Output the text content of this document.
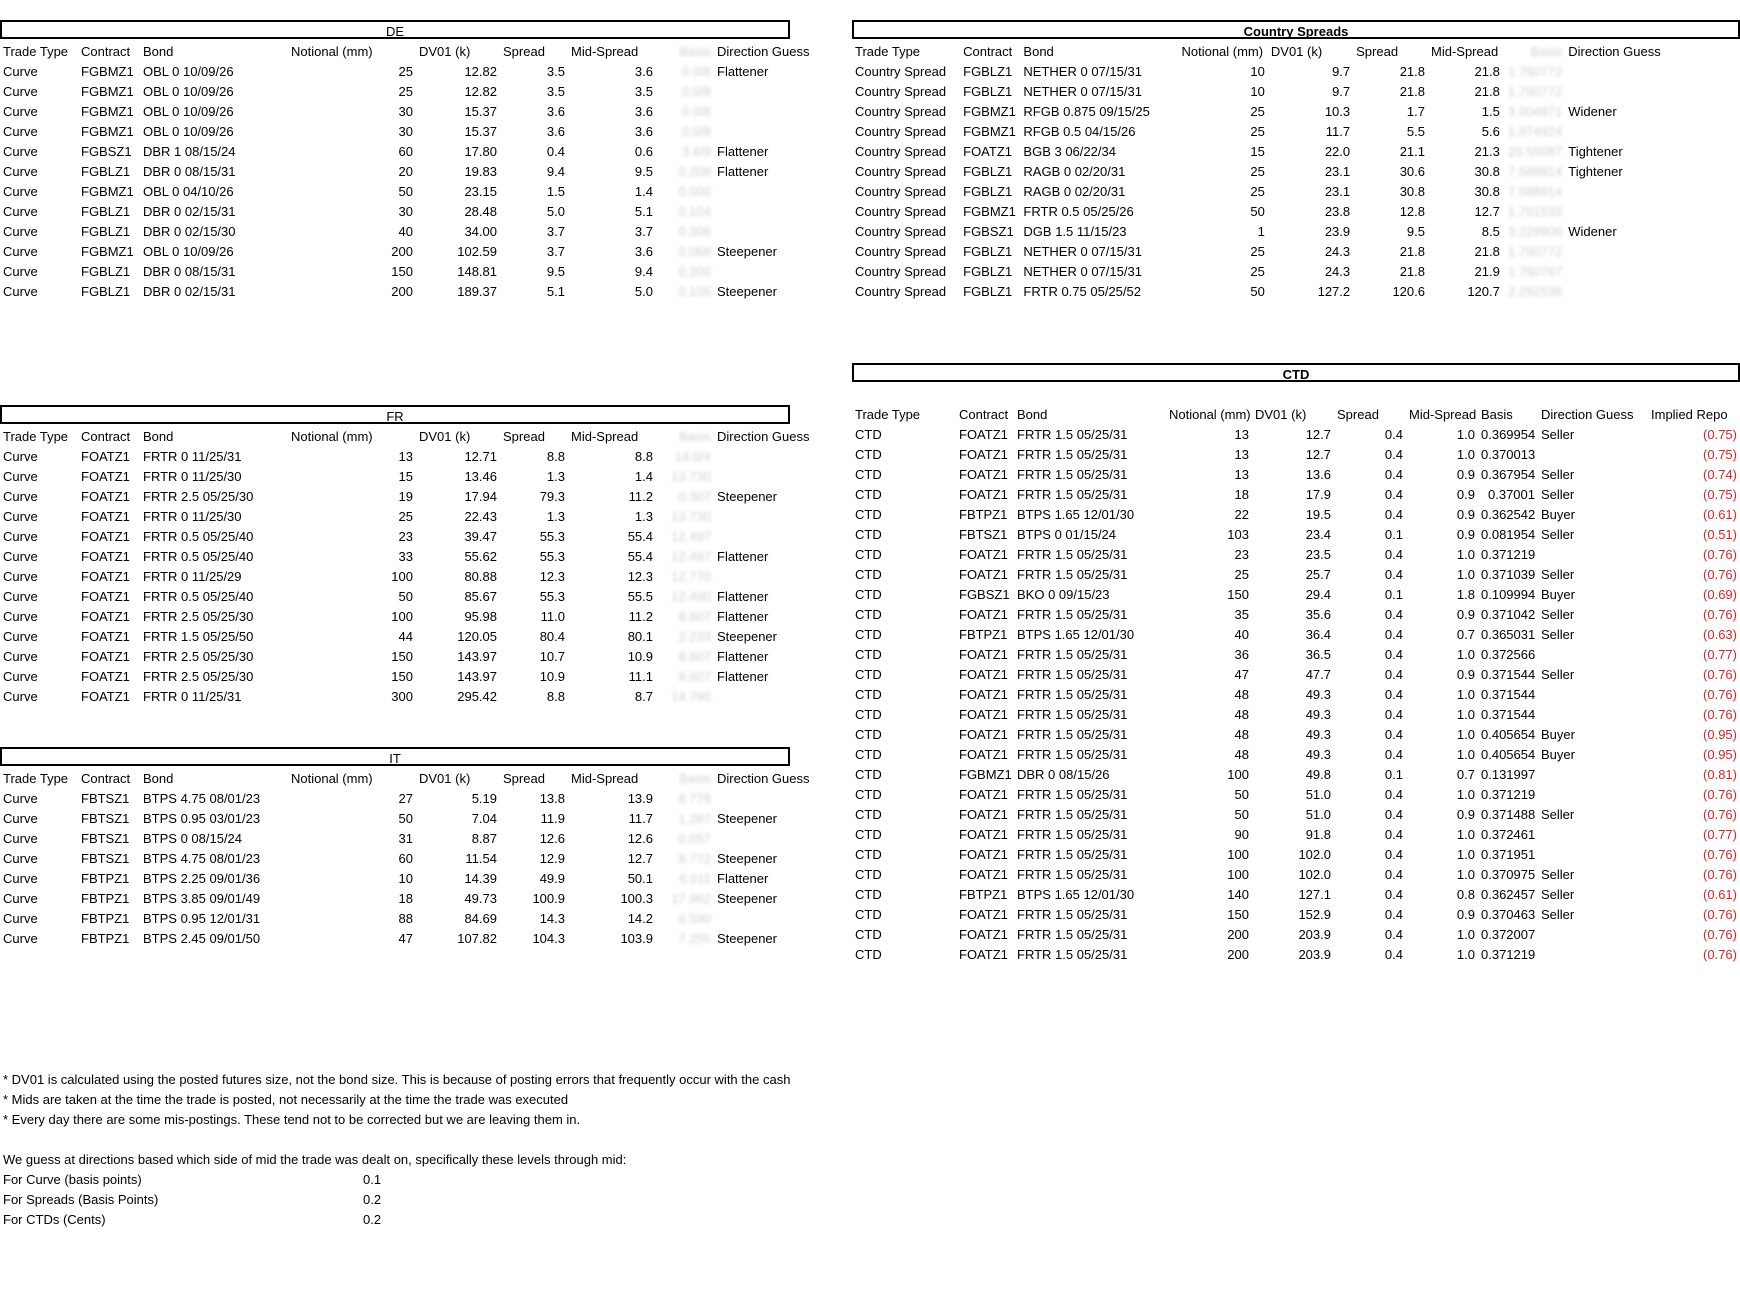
DE
Trade Type	Contract	Bond	Notional (mm)	DV01 (k)	Spread	Mid-Spread	Basis	Direction Guess
Curve	FGBMZ1	OBL 0 10/09/26	25	12.82	3.5	3.6	0.0/8	Flattener
Curve	FGBMZ1	OBL 0 10/09/26	25	12.82	3.5	3.5	0.0/8	
Curve	FGBMZ1	OBL 0 10/09/26	30	15.37	3.6	3.6	0.0/8	
Curve	FGBMZ1	OBL 0 10/09/26	30	15.37	3.6	3.6	0.0/8	
Curve	FGBSZ1	DBR 1 08/15/24	60	17.80	0.4	0.6	3.6/9	Flattener
Curve	FGBLZ1	DBR 0 08/15/31	20	19.83	9.4	9.5	0.208	Flattener
Curve	FGBMZ1	OBL 0 04/10/26	50	23.15	1.5	1.4	0.000	
Curve	FGBLZ1	DBR 0 02/15/31	30	28.48	5.0	5.1	0.104	
Curve	FGBLZ1	DBR 0 02/15/30	40	34.00	3.7	3.7	0.306	
Curve	FGBMZ1	OBL 0 10/09/26	200	102.59	3.7	3.6	0.068	Steepener
Curve	FGBLZ1	DBR 0 08/15/31	150	148.81	9.5	9.4	0.200	
Curve	FGBLZ1	DBR 0 02/15/31	200	189.37	5.1	5.0	0.106	Steepener
FR
Trade Type	Contract	Bond	Notional (mm)	DV01 (k)	Spread	Mid-Spread	Basis	Direction Guess
Curve	FOATZ1	FRTR 0 11/25/31	13	12.71	8.8	8.8	14.0/4	
Curve	FOATZ1	FRTR 0 11/25/30	15	13.46	1.3	1.4	13.730	
Curve	FOATZ1	FRTR 2.5 05/25/30	19	17.94	79.3	11.2	0.307	Steepener
Curve	FOATZ1	FRTR 0 11/25/30	25	22.43	1.3	1.3	13.730	
Curve	FOATZ1	FRTR 0.5 05/25/40	23	39.47	55.3	55.4	12.497	
Curve	FOATZ1	FRTR 0.5 05/25/40	33	55.62	55.3	55.4	12.497	Flattener
Curve	FOATZ1	FRTR 0 11/25/29	100	80.88	12.3	12.3	12.770	
Curve	FOATZ1	FRTR 0.5 05/25/40	50	85.67	55.3	55.5	12.490	Flattener
Curve	FOATZ1	FRTR 2.5 05/25/30	100	95.98	11.0	11.2	8.607	Flattener
Curve	FOATZ1	FRTR 1.5 05/25/50	44	120.05	80.4	80.1	2.233	Steepener
Curve	FOATZ1	FRTR 2.5 05/25/30	150	143.97	10.7	10.9	8.607	Flattener
Curve	FOATZ1	FRTR 2.5 05/25/30	150	143.97	10.9	11.1	8.607	Flattener
Curve	FOATZ1	FRTR 0 11/25/31	300	295.42	8.8	8.7	14.790	
IT
Trade Type	Contract	Bond	Notional (mm)	DV01 (k)	Spread	Mid-Spread	Basis	Direction Guess
Curve	FBTSZ1	BTPS 4.75 08/01/23	27	5.19	13.8	13.9	8.778	
Curve	FBTSZ1	BTPS 0.95 03/01/23	50	7.04	11.9	11.7	1.287	Steepener
Curve	FBTSZ1	BTPS 0 08/15/24	31	8.87	12.6	12.6	0.057	
Curve	FBTSZ1	BTPS 4.75 08/01/23	60	11.54	12.9	12.7	8.772	Steepener
Curve	FBTPZ1	BTPS 2.25 09/01/36	10	14.39	49.9	50.1	6.011	Flattener
Curve	FBTPZ1	BTPS 3.85 09/01/49	18	49.73	100.9	100.3	17.962	Steepener
Curve	FBTPZ1	BTPS 0.95 12/01/31	88	84.69	14.3	14.2	6.590	
Curve	FBTPZ1	BTPS 2.45 09/01/50	47	107.82	104.3	103.9	7.255	Steepener
Country Spreads
Trade Type	Contract	Bond	Notional (mm)	DV01 (k)	Spread	Mid-Spread	Basis	Direction Guess
Country Spread	FGBLZ1	NETHER 0 07/15/31	10	9.7	21.8	21.8	1.760772	
Country Spread	FGBLZ1	NETHER 0 07/15/31	10	9.7	21.8	21.8	1.760772	
Country Spread	FGBMZ1	RFGB 0.875 09/15/25	25	10.3	1.7	1.5	3.004971	Widener
Country Spread	FGBMZ1	RFGB 0.5 04/15/26	25	11.7	5.5	5.6	1.974924	
Country Spread	FOATZ1	BGB 3 06/22/34	15	22.0	21.1	21.3	20.55087	Tightener
Country Spread	FGBLZ1	RAGB 0 02/20/31	25	23.1	30.6	30.8	7.588914	Tightener
Country Spread	FGBLZ1	RAGB 0 02/20/31	25	23.1	30.8	30.8	7.588914	
Country Spread	FGBMZ1	FRTR 0.5 05/25/26	50	23.8	12.8	12.7	1.761633	
Country Spread	FGBSZ1	DGB 1.5 11/15/23	1	23.9	9.5	8.5	3.229906	Widener
Country Spread	FGBLZ1	NETHER 0 07/15/31	25	24.3	21.8	21.8	1.760772	
Country Spread	FGBLZ1	NETHER 0 07/15/31	25	24.3	21.8	21.9	1.760767	
Country Spread	FGBLZ1	FRTR 0.75 05/25/52	50	127.2	120.6	120.7	2.292536	
CTD
Trade Type	Contract	Bond	Notional (mm)	DV01 (k)	Spread	Mid-Spread	Basis	Direction Guess	Implied Repo
CTD	FOATZ1	FRTR 1.5 05/25/31	13	12.7	0.4	1.0	0.369954	Seller	(0.75)
CTD	FOATZ1	FRTR 1.5 05/25/31	13	12.7	0.4	1.0	0.370013		(0.75)
CTD	FOATZ1	FRTR 1.5 05/25/31	13	13.6	0.4	0.9	0.367954	Seller	(0.74)
CTD	FOATZ1	FRTR 1.5 05/25/31	18	17.9	0.4	0.9	0.37001	Seller	(0.75)
CTD	FBTPZ1	BTPS 1.65 12/01/30	22	19.5	0.4	0.9	0.362542	Buyer	(0.61)
CTD	FBTSZ1	BTPS 0 01/15/24	103	23.4	0.1	0.9	0.081954	Seller	(0.51)
CTD	FOATZ1	FRTR 1.5 05/25/31	23	23.5	0.4	1.0	0.371219		(0.76)
CTD	FOATZ1	FRTR 1.5 05/25/31	25	25.7	0.4	1.0	0.371039	Seller	(0.76)
CTD	FGBSZ1	BKO 0 09/15/23	150	29.4	0.1	1.8	0.109994	Buyer	(0.69)
CTD	FOATZ1	FRTR 1.5 05/25/31	35	35.6	0.4	0.9	0.371042	Seller	(0.76)
CTD	FBTPZ1	BTPS 1.65 12/01/30	40	36.4	0.4	0.7	0.365031	Seller	(0.63)
CTD	FOATZ1	FRTR 1.5 05/25/31	36	36.5	0.4	1.0	0.372566		(0.77)
CTD	FOATZ1	FRTR 1.5 05/25/31	47	47.7	0.4	0.9	0.371544	Seller	(0.76)
CTD	FOATZ1	FRTR 1.5 05/25/31	48	49.3	0.4	1.0	0.371544		(0.76)
CTD	FOATZ1	FRTR 1.5 05/25/31	48	49.3	0.4	1.0	0.371544		(0.76)
CTD	FOATZ1	FRTR 1.5 05/25/31	48	49.3	0.4	1.0	0.405654	Buyer	(0.95)
CTD	FOATZ1	FRTR 1.5 05/25/31	48	49.3	0.4	1.0	0.405654	Buyer	(0.95)
CTD	FGBMZ1	DBR 0 08/15/26	100	49.8	0.1	0.7	0.131997		(0.81)
CTD	FOATZ1	FRTR 1.5 05/25/31	50	51.0	0.4	1.0	0.371219		(0.76)
CTD	FOATZ1	FRTR 1.5 05/25/31	50	51.0	0.4	0.9	0.371488	Seller	(0.76)
CTD	FOATZ1	FRTR 1.5 05/25/31	90	91.8	0.4	1.0	0.372461		(0.77)
CTD	FOATZ1	FRTR 1.5 05/25/31	100	102.0	0.4	1.0	0.371951		(0.76)
CTD	FOATZ1	FRTR 1.5 05/25/31	100	102.0	0.4	1.0	0.370975	Seller	(0.76)
CTD	FBTPZ1	BTPS 1.65 12/01/30	140	127.1	0.4	0.8	0.362457	Seller	(0.61)
CTD	FOATZ1	FRTR 1.5 05/25/31	150	152.9	0.4	0.9	0.370463	Seller	(0.76)
CTD	FOATZ1	FRTR 1.5 05/25/31	200	203.9	0.4	1.0	0.372007		(0.76)
CTD	FOATZ1	FRTR 1.5 05/25/31	200	203.9	0.4	1.0	0.371219		(0.76)
* DV01 is calculated using the posted futures size, not the bond size. This is because of posting errors that frequently occur with the cash
* Mids are taken at the time the trade is posted, not necessarily at the time the trade was executed
* Every day there are some mis-postings. These tend not to be corrected but we are leaving them in.
We guess at directions based which side of mid the trade was dealt on, specifically these levels through mid:
For Curve (basis points)	0.1
For Spreads (Basis Points)	0.2
For CTDs (Cents)	0.2
